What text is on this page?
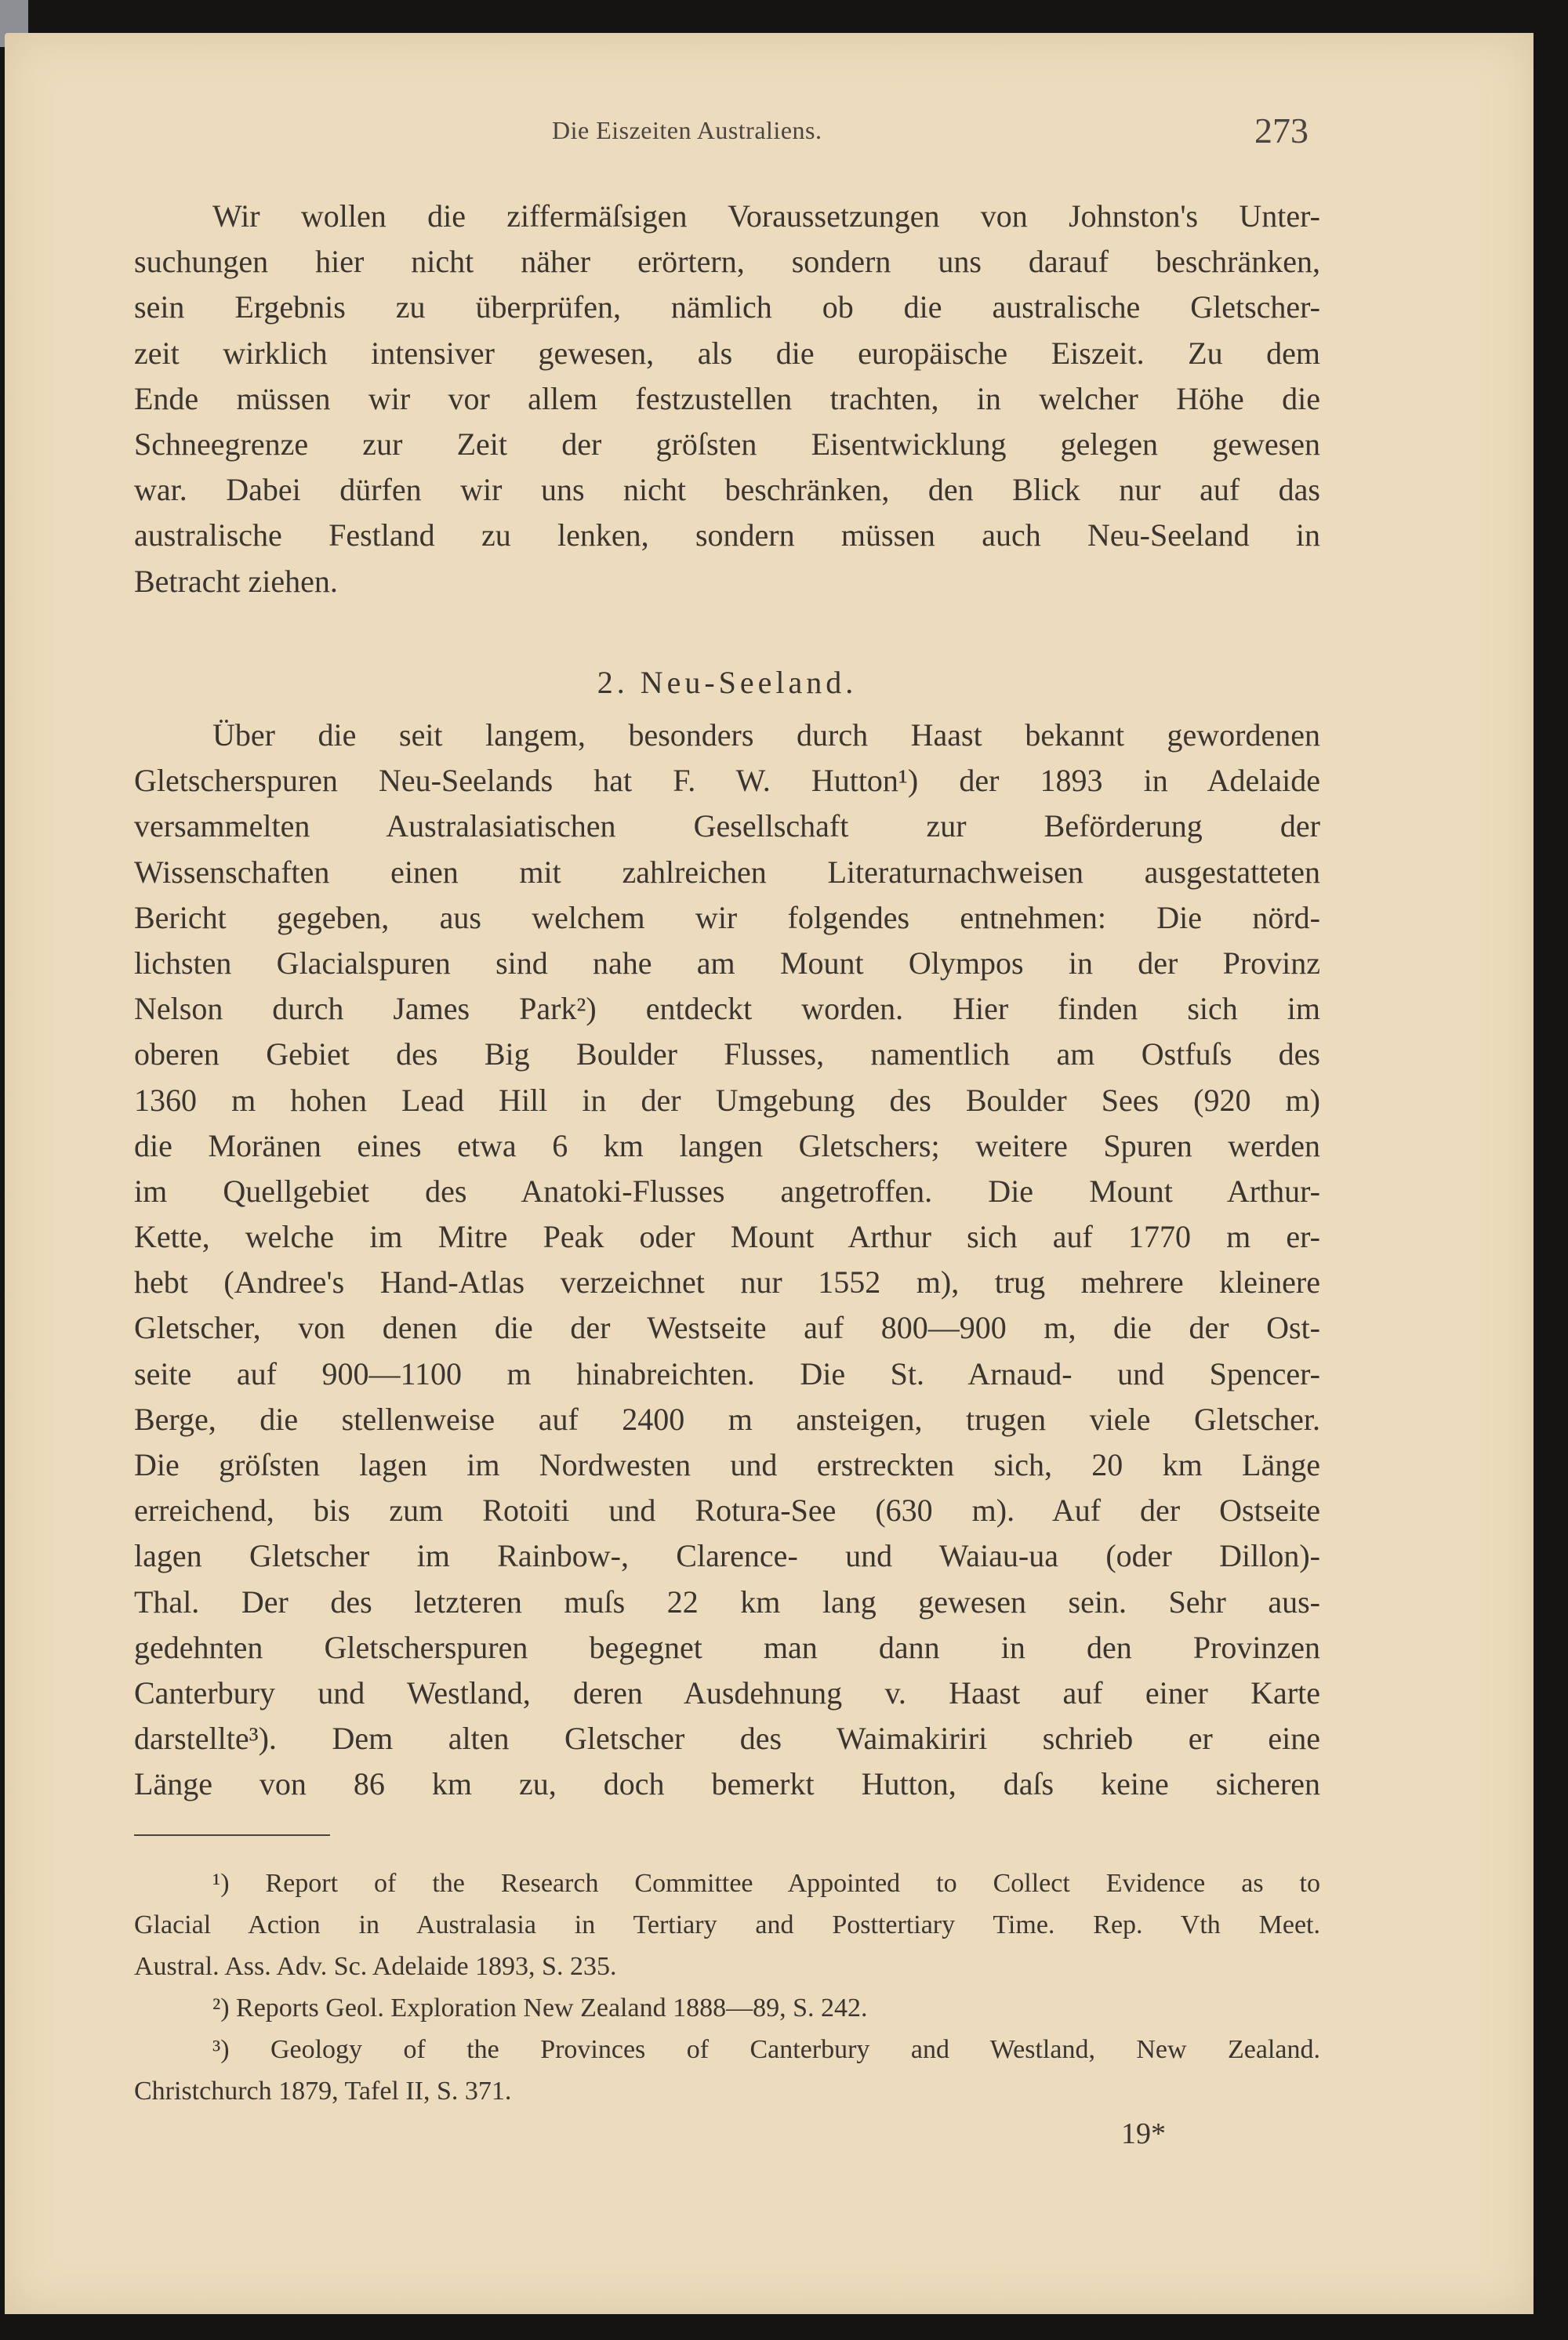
Die Eiszeiten Australiens.	273
Wir wollen die ziffermäſsigen Voraussetzungen von Johnston's Unter-
suchungen hier nicht näher erörtern, sondern uns darauf beschränken,
sein Ergebnis zu überprüfen, nämlich ob die australische Gletscher-
zeit wirklich intensiver gewesen, als die europäische Eiszeit. Zu dem
Ende müssen wir vor allem festzustellen trachten, in welcher Höhe die
Schneegrenze zur Zeit der gröſsten Eisentwicklung gelegen gewesen
war. Dabei dürfen wir uns nicht beschränken, den Blick nur auf das
australische Festland zu lenken, sondern müssen auch Neu-Seeland in
Betracht ziehen.
2. Neu-Seeland.
Über die seit langem, besonders durch Haast bekannt gewordenen
Gletscherspuren Neu-Seelands hat F. W. Hutton¹) der 1893 in Adelaide
versammelten Australasiatischen Gesellschaft zur Beförderung der
Wissenschaften einen mit zahlreichen Literaturnachweisen ausgestatteten
Bericht gegeben, aus welchem wir folgendes entnehmen: Die nörd-
lichsten Glacialspuren sind nahe am Mount Olympos in der Provinz
Nelson durch James Park²) entdeckt worden. Hier finden sich im
oberen Gebiet des Big Boulder Flusses, namentlich am Ostfuſs des
1360 m hohen Lead Hill in der Umgebung des Boulder Sees (920 m)
die Moränen eines etwa 6 km langen Gletschers; weitere Spuren werden
im Quellgebiet des Anatoki-Flusses angetroffen. Die Mount Arthur-
Kette, welche im Mitre Peak oder Mount Arthur sich auf 1770 m er-
hebt (Andree's Hand-Atlas verzeichnet nur 1552 m), trug mehrere kleinere
Gletscher, von denen die der Westseite auf 800—900 m, die der Ost-
seite auf 900—1100 m hinabreichten. Die St. Arnaud- und Spencer-
Berge, die stellenweise auf 2400 m ansteigen, trugen viele Gletscher.
Die gröſsten lagen im Nordwesten und erstreckten sich, 20 km Länge
erreichend, bis zum Rotoiti und Rotura-See (630 m). Auf der Ostseite
lagen Gletscher im Rainbow-, Clarence- und Waiau-ua (oder Dillon)-
Thal. Der des letzteren muſs 22 km lang gewesen sein. Sehr aus-
gedehnten Gletscherspuren begegnet man dann in den Provinzen
Canterbury und Westland, deren Ausdehnung v. Haast auf einer Karte
darstellte³). Dem alten Gletscher des Waimakiriri schrieb er eine
Länge von 86 km zu, doch bemerkt Hutton, daſs keine sicheren
¹) Report of the Research Committee Appointed to Collect Evidence as to
Glacial Action in Australasia in Tertiary and Posttertiary Time. Rep. Vth Meet.
Austral. Ass. Adv. Sc. Adelaide 1893, S. 235.
²) Reports Geol. Exploration New Zealand 1888—89, S. 242.
³) Geology of the Provinces of Canterbury and Westland, New Zealand.
Christchurch 1879, Tafel II, S. 371.
19*
